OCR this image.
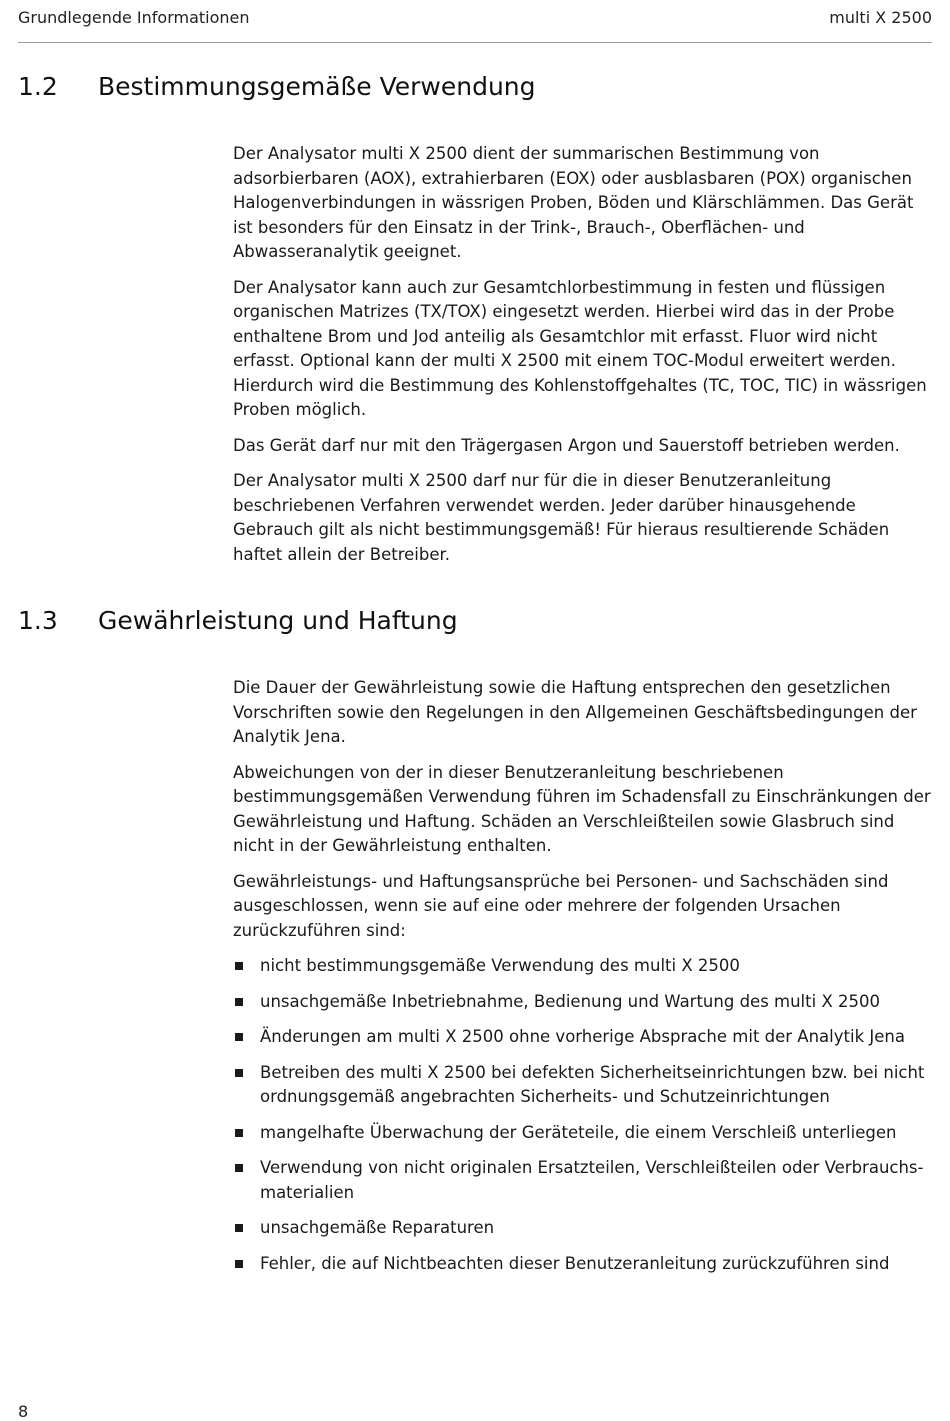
Grundlegende Informationen	multi X 2500
1.2 Bestimmungsgemäße Verwendung

Der Analysator multi X 2500 dient der summarischen Bestimmung von adsorbierbaren (AOX), extrahierbaren (EOX) oder ausblasbaren (POX) organischen Halogenverbindungen in wässrigen Proben, Böden und Klärschlämmen. Das Gerät ist besonders für den Einsatz in der Trink-, Brauch-, Oberflächen- und Abwasseranalytik geeignet.

Der Analysator kann auch zur Gesamtchlorbestimmung in festen und flüssigen organischen Matrizes (TX/TOX) eingesetzt werden. Hierbei wird das in der Probe enthaltene Brom und Jod anteilig als Gesamtchlor mit erfasst. Fluor wird nicht erfasst. Optional kann der multi X 2500 mit einem TOC-Modul erweitert werden. Hierdurch wird die Bestimmung des Kohlenstoffgehaltes (TC, TOC, TIC) in wässrigen Proben möglich.

Das Gerät darf nur mit den Trägergasen Argon und Sauerstoff betrieben werden.

Der Analysator multi X 2500 darf nur für die in dieser Benutzeranleitung beschriebenen Verfahren verwendet werden. Jeder darüber hinausgehende Gebrauch gilt als nicht bestimmungsgemäß! Für hieraus resultierende Schäden haftet allein der Betreiber.

1.3 Gewährleistung und Haftung

Die Dauer der Gewährleistung sowie die Haftung entsprechen den gesetzlichen Vorschriften sowie den Regelungen in den Allgemeinen Geschäftsbedingungen der Analytik Jena.

Abweichungen von der in dieser Benutzeranleitung beschriebenen bestimmungsgemäßen Verwendung führen im Schadensfall zu Einschränkungen der Gewährleistung und Haftung. Schäden an Verschleißteilen sowie Glasbruch sind nicht in der Gewährleistung enthalten.

Gewährleistungs- und Haftungsansprüche bei Personen- und Sachschäden sind ausgeschlossen, wenn sie auf eine oder mehrere der folgenden Ursachen zurückzuführen sind:

nicht bestimmungsgemäße Verwendung des multi X 2500
unsachgemäße Inbetriebnahme, Bedienung und Wartung des multi X 2500
Änderungen am multi X 2500 ohne vorherige Absprache mit der Analytik Jena
Betreiben des multi X 2500 bei defekten Sicherheitseinrichtungen bzw. bei nicht ordnungsgemäß angebrachten Sicherheits- und Schutzeinrichtungen
mangelhafte Überwachung der Geräteteile, die einem Verschleiß unterliegen
Verwendung von nicht originalen Ersatzteilen, Verschleißteilen oder Verbrauchsmaterialien
unsachgemäße Reparaturen
Fehler, die auf Nichtbeachten dieser Benutzeranleitung zurückzuführen sind
8
